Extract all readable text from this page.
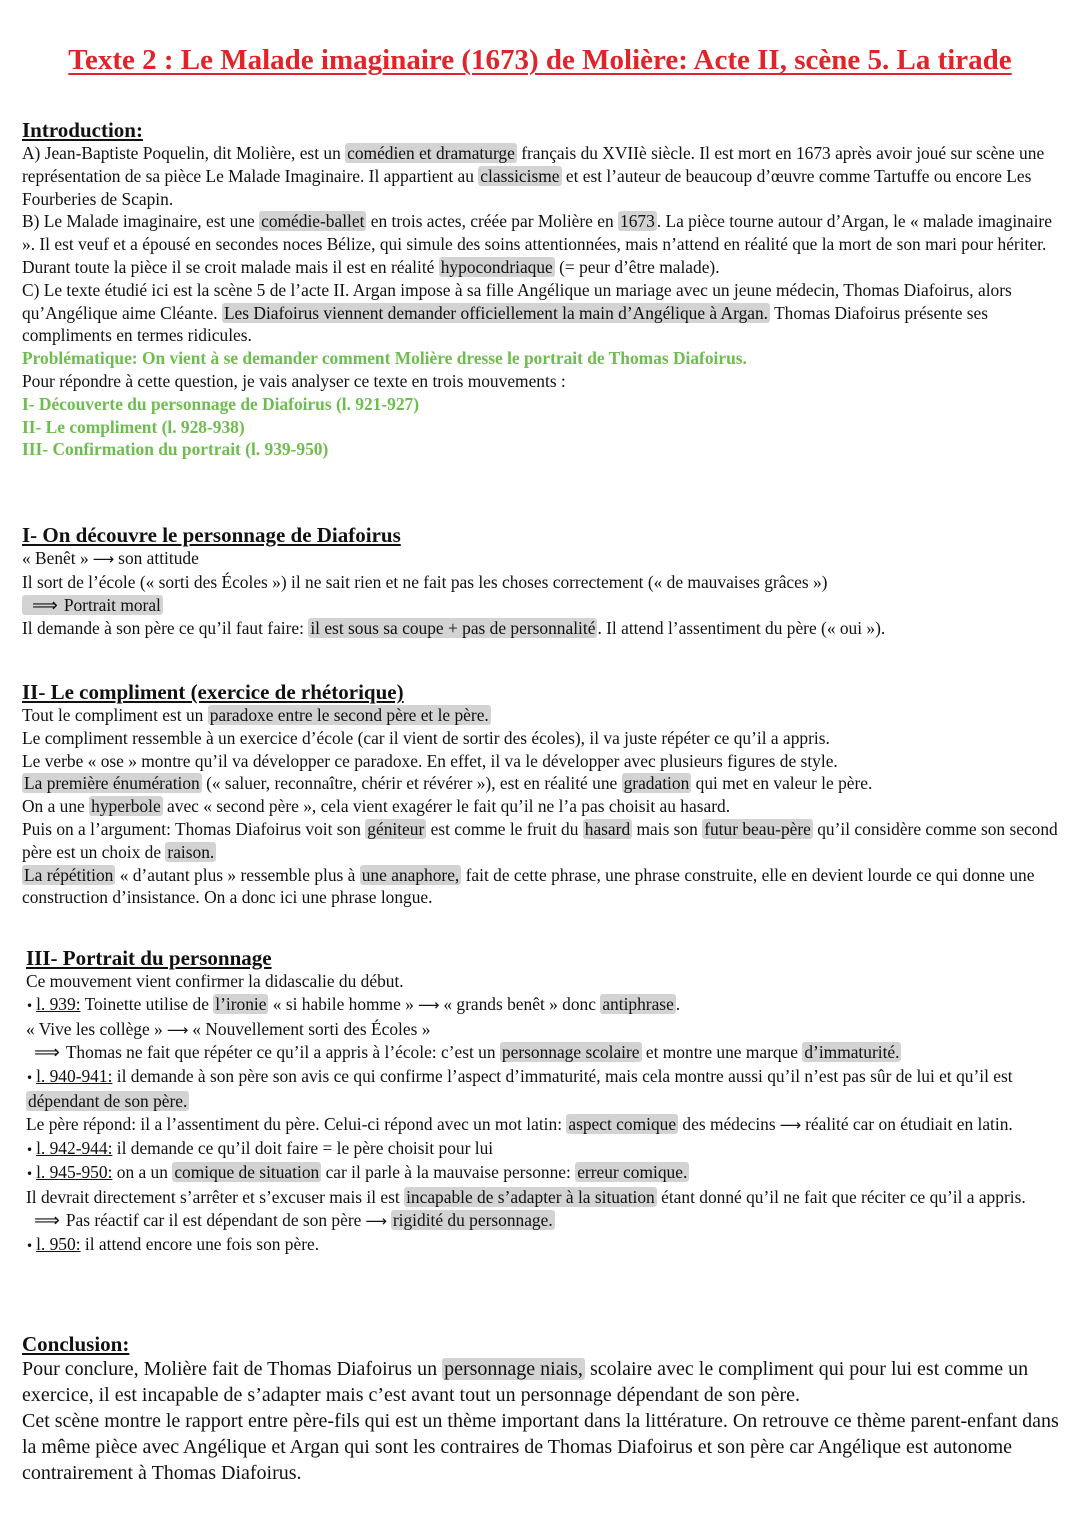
Texte 2 : Le Malade imaginaire (1673) de Molière: Acte II, scène 5. La tirade

Introduction:

A) Jean-Baptiste Poquelin, dit Molière, est un comédien et dramaturge français du XVIIè siècle. Il est mort en 1673 après avoir joué sur scène une représentation de sa pièce Le Malade Imaginaire. Il appartient au classicisme et est l’auteur de beaucoup d’œuvre comme Tartuffe ou encore Les Fourberies de Scapin.

B) Le Malade imaginaire, est une comédie-ballet en trois actes, créée par Molière en 1673 . La pièce tourne autour d’Argan, le « malade imaginaire ». Il est veuf et a épousé en secondes noces Bélize, qui simule des soins attentionnées, mais n’attend en réalité que la mort de son mari pour hériter. Durant toute la pièce il se croit malade mais il est en réalité hypocondriaque (= peur d’être malade).

C) Le texte étudié ici est la scène 5 de l’acte II. Argan impose à sa fille Angélique un mariage avec un jeune médecin, Thomas Diafoirus, alors qu’Angélique aime Cléante. Les Diafoirus viennent demander officiellement la main d’Angélique à Argan. Thomas Diafoirus présente ses compliments en termes ridicules.

Problématique: On vient à se demander comment Molière dresse le portrait de Thomas Diafoirus.

Pour répondre à cette question, je vais analyser ce texte en trois mouvements :

I- Découverte du personnage de Diafoirus (l. 921-927)

II- Le compliment (l. 928-938)

III- Confirmation du portrait (l. 939-950)

I- On découvre le personnage de Diafoirus

« Benêt » ⟶ son attitude

Il sort de l’école (« sorti des Écoles ») il ne sait rien et ne fait pas les choses correctement (« de mauvaises grâces »)

⟹ Portrait moral

Il demande à son père ce qu’il faut faire: il est sous sa coupe + pas de personnalité . Il attend l’assentiment du père (« oui »).

II- Le compliment (exercice de rhétorique)

Tout le compliment est un paradoxe entre le second père et le père.

Le compliment ressemble à un exercice d’école (car il vient de sortir des écoles), il va juste répéter ce qu’il a appris.

Le verbe « ose » montre qu’il va développer ce paradoxe. En effet, il va le développer avec plusieurs figures de style.

La première énumération (« saluer, reconnaître, chérir et révérer »), est en réalité une gradation qui met en valeur le père.

On a une hyperbole avec « second père », cela vient exagérer le fait qu’il ne l’a pas choisit au hasard.

Puis on a l’argument: Thomas Diafoirus voit son géniteur est comme le fruit du hasard mais son futur beau-père qu’il considère comme son second père est un choix de raison.

La répétition « d’autant plus » ressemble plus à une anaphore, fait de cette phrase, une phrase construite, elle en devient lourde ce qui donne une construction d’insistance. On a donc ici une phrase longue.

III- Portrait du personnage

Ce mouvement vient confirmer la didascalie du début.

• l. 939: Toinette utilise de l’ironie « si habile homme » ⟶ « grands benêt » donc antiphrase .

« Vive les collège » ⟶ « Nouvellement sorti des Écoles »

⟹ Thomas ne fait que répéter ce qu’il a appris à l’école: c’est un personnage scolaire et montre une marque d’immaturité.

• l. 940-941: il demande à son père son avis ce qui confirme l’aspect d’immaturité, mais cela montre aussi qu’il n’est pas sûr de lui et qu’il est dépendant de son père.

Le père répond: il a l’assentiment du père. Celui-ci répond avec un mot latin: aspect comique des médecins ⟶ réalité car on étudiait en latin.

• l. 942-944: il demande ce qu’il doit faire = le père choisit pour lui

• l. 945-950: on a un comique de situation car il parle à la mauvaise personne: erreur comique.

Il devrait directement s’arrêter et s’excuser mais il est incapable de s’adapter à la situation étant donné qu’il ne fait que réciter ce qu’il a appris.

⟹ Pas réactif car il est dépendant de son père ⟶ rigidité du personnage.

• l. 950: il attend encore une fois son père.

Conclusion:

Pour conclure, Molière fait de Thomas Diafoirus un personnage niais, scolaire avec le compliment qui pour lui est comme un exercice, il est incapable de s’adapter mais c’est avant tout un personnage dépendant de son père.

Cet scène montre le rapport entre père-fils qui est un thème important dans la littérature. On retrouve ce thème parent-enfant dans la même pièce avec Angélique et Argan qui sont les contraires de Thomas Diafoirus et son père car Angélique est autonome contrairement à Thomas Diafoirus.
